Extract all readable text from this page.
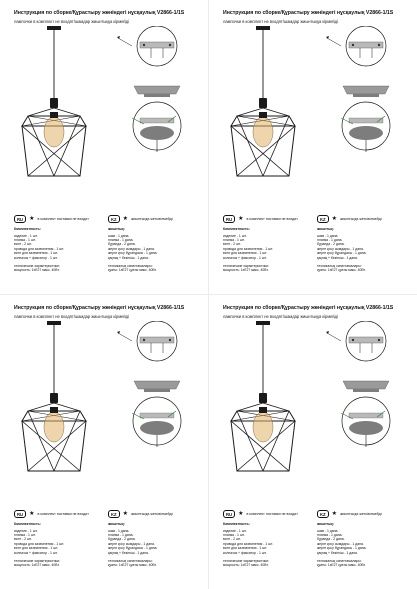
Инструкция по сборке/Құрастыру жөніндегі нұсқаулық V2866-1/1S
лампочки в комплект не входят/шамдар жиынтыққа кірмейді
RU	★ в комплект поставки не входит	KZ	★ жиынтыққа жеткізілмейді
Комплектность:
изделие - 1 шт.
планка - 1 шт.
винт - 2 шт.
провода для заземления - 1 шт.
винт для заземления - 1 шт.
колпачок + фиксатор - 1 шт.
технические характеристики:
мощность: 1xE27 макс. 40Вт.
жиынтық:
шам - 1 дана.
планка - 1 дана.
бұранда - 2 дана.
жерге қосу сымдары - 1 дана.
жерге қосу бұрандасы - 1 дана.
қақпақ + бекіткіш - 1 дана.
техникалық сипаттамалары:
қуаты: 1xE27 қуаты макс. 40Вт.
Инструкция по сборке/Құрастыру жөніндегі нұсқаулық V2866-1/1S
лампочки в комплект не входят/шамдар жиынтыққа кірмейді
RU	★ в комплект поставки не входит	KZ	★ жиынтыққа жеткізілмейді
Комплектность:
изделие - 1 шт.
планка - 1 шт.
винт - 2 шт.
провода для заземления - 1 шт.
винт для заземления - 1 шт.
колпачок + фиксатор - 1 шт.
технические характеристики:
мощность: 1xE27 макс. 40Вт.
жиынтық:
шам - 1 дана.
планка - 1 дана.
бұранда - 2 дана.
жерге қосу сымдары - 1 дана.
жерге қосу бұрандасы - 1 дана.
қақпақ + бекіткіш - 1 дана.
техникалық сипаттамалары:
қуаты: 1xE27 қуаты макс. 40Вт.
Инструкция по сборке/Құрастыру жөніндегі нұсқаулық V2866-1/1S
лампочки в комплект не входят/шамдар жиынтыққа кірмейді
RU	★ в комплект поставки не входит	KZ	★ жиынтыққа жеткізілмейді
Комплектность:
изделие - 1 шт.
планка - 1 шт.
винт - 2 шт.
провода для заземления - 1 шт.
винт для заземления - 1 шт.
колпачок + фиксатор - 1 шт.
технические характеристики:
мощность: 1xE27 макс. 40Вт.
жиынтық:
шам - 1 дана.
планка - 1 дана.
бұранда - 2 дана.
жерге қосу сымдары - 1 дана.
жерге қосу бұрандасы - 1 дана.
қақпақ + бекіткіш - 1 дана.
техникалық сипаттамалары:
қуаты: 1xE27 қуаты макс. 40Вт.
Инструкция по сборке/Құрастыру жөніндегі нұсқаулық V2866-1/1S
лампочки в комплект не входят/шамдар жиынтыққа кірмейді
RU	★ в комплект поставки не входит	KZ	★ жиынтыққа жеткізілмейді
Комплектность:
изделие - 1 шт.
планка - 1 шт.
винт - 2 шт.
провода для заземления - 1 шт.
винт для заземления - 1 шт.
колпачок + фиксатор - 1 шт.
технические характеристики:
мощность: 1xE27 макс. 40Вт.
жиынтық:
шам - 1 дана.
планка - 1 дана.
бұранда - 2 дана.
жерге қосу сымдары - 1 дана.
жерге қосу бұрандасы - 1 дана.
қақпақ + бекіткіш - 1 дана.
техникалық сипаттамалары:
қуаты: 1xE27 қуаты макс. 40Вт.
